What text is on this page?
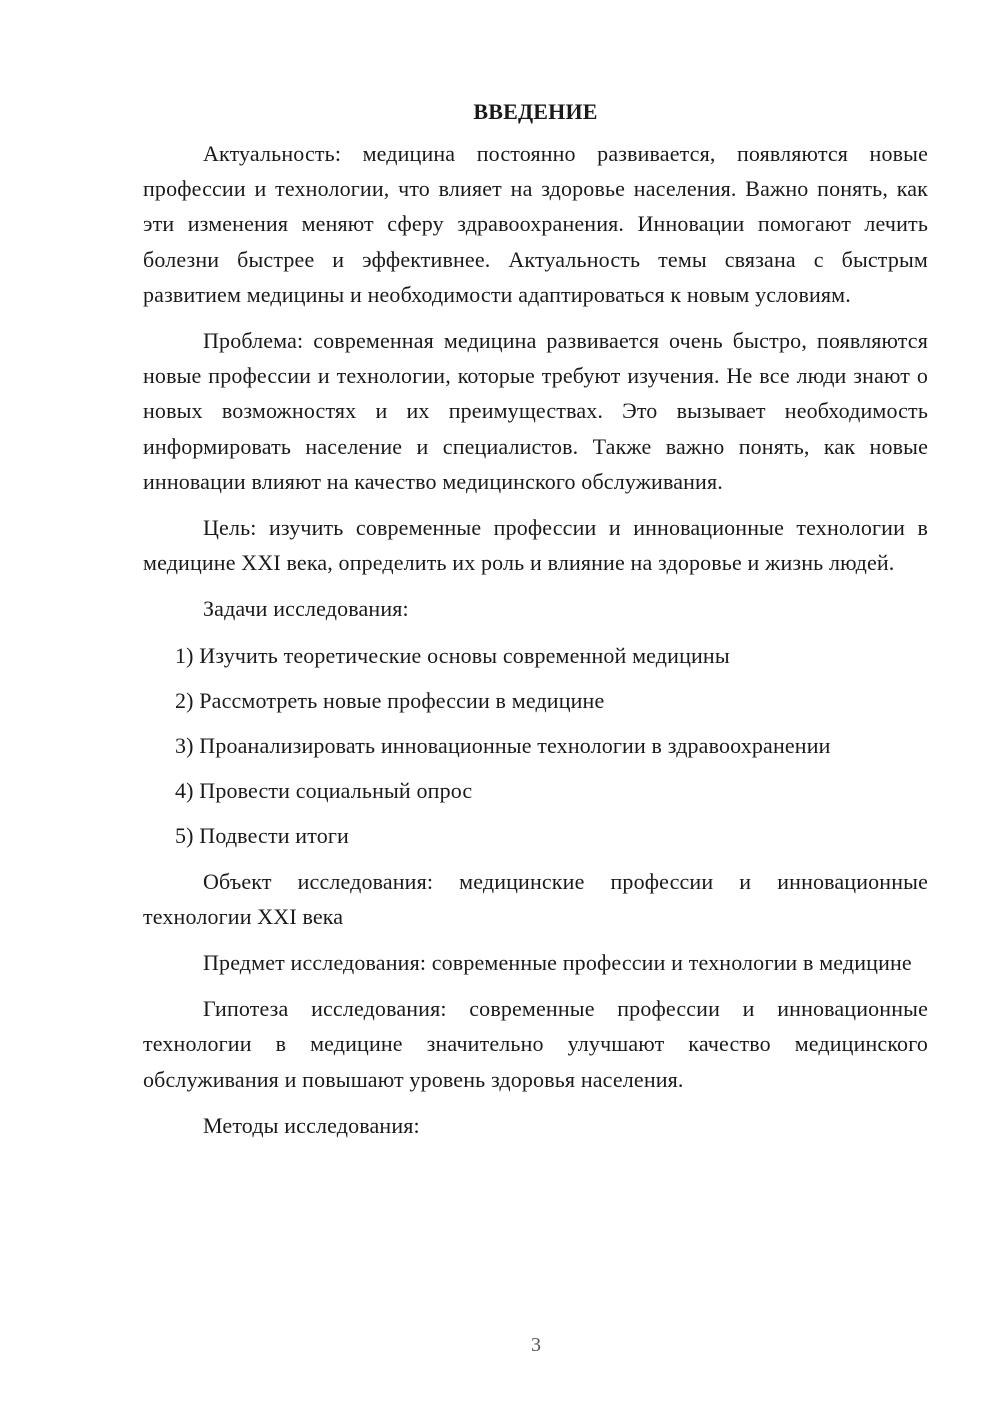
ВВЕДЕНИЕ

Актуальность: медицина постоянно развивается, появляются новые профессии и технологии, что влияет на здоровье населения. Важно понять, как эти изменения меняют сферу здравоохранения. Инновации помогают лечить болезни быстрее и эффективнее. Актуальность темы связана с быстрым развитием медицины и необходимости адаптироваться к новым условиям.

Проблема: современная медицина развивается очень быстро, появляются новые профессии и технологии, которые требуют изучения. Не все люди знают о новых возможностях и их преимуществах. Это вызывает необходимость информировать население и специалистов. Также важно понять, как новые инновации влияют на качество медицинского обслуживания.

Цель: изучить современные профессии и инновационные технологии в медицине XXI века, определить их роль и влияние на здоровье и жизнь людей.

Задачи исследования:

1) Изучить теоретические основы современной медицины
2) Рассмотреть новые профессии в медицине
3) Проанализировать инновационные технологии в здравоохранении
4) Провести социальный опрос
5) Подвести итоги

Объект исследования: медицинские профессии и инновационные технологии XXI века

Предмет исследования: современные профессии и технологии в медицине

Гипотеза исследования: современные профессии и инновационные технологии в медицине значительно улучшают качество медицинского обслуживания и повышают уровень здоровья населения.

Методы исследования:

3
